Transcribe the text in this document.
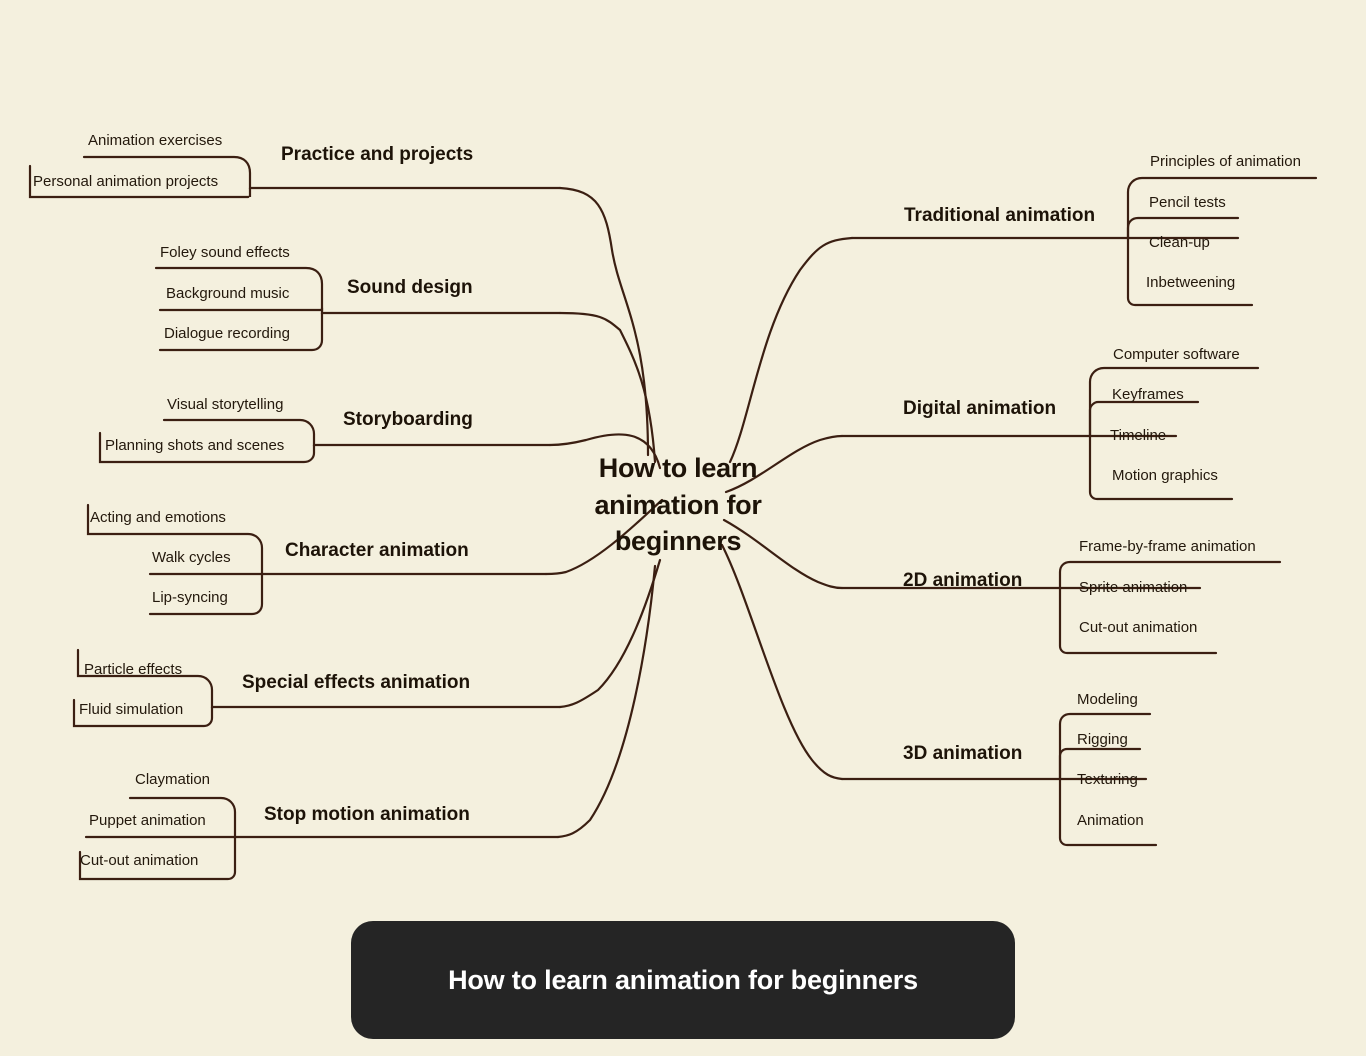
How to learn animation for beginners
Practice and projects
Sound design
Storyboarding
Character animation
Special effects animation
Stop motion animation
Animation exercises
Personal animation projects
Foley sound effects
Background music
Dialogue recording
Visual storytelling
Planning shots and scenes
Acting and emotions
Walk cycles
Lip-syncing
Particle effects
Fluid simulation
Claymation
Puppet animation
Cut-out animation
Traditional animation
Digital animation
2D animation
3D animation
Principles of animation
Pencil tests
Clean-up
Inbetweening
Computer software
Keyframes
Timeline
Motion graphics
Frame-by-frame animation
Sprite animation
Cut-out animation
Modeling
Rigging
Texturing
Animation
How to learn animation for beginners
